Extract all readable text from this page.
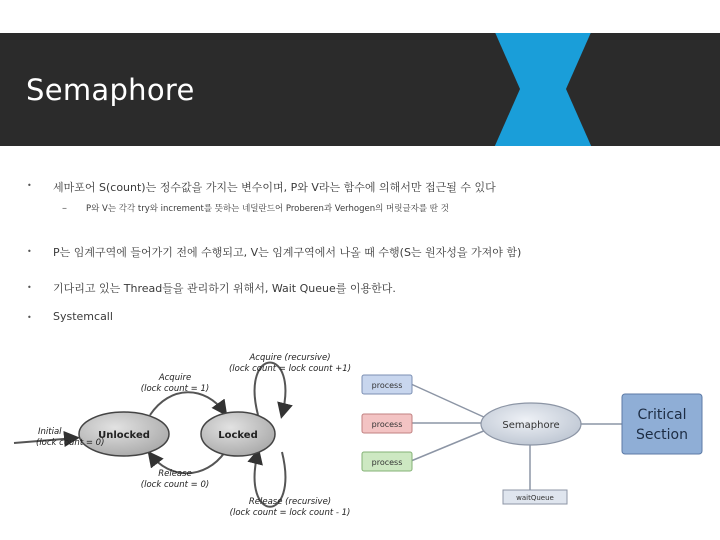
Semaphore
• 세마포어 S(count)는 정수값을 가지는 변수이며, P와 V라는 함수에 의해서만 접근될 수 있다
– P와 V는 각각 try와 increment를 뜻하는 네덜란드어 Proberen과 Verhogen의 머릿글자를 딴 것
• P는 임계구역에 들어가기 전에 수행되고, V는 임계구역에서 나올 때 수행(S는 원자성을 가져야 함)
• 기다리고 있는 Thread들을 관리하기 위해서, Wait Queue를 이용한다.
• Systemcall
Unlocked	Locked
Acquire (recursive)
(lock count = lock count +1)
Acquire
(lock count = 1)
Initial
(lock count = 0)
Release
(lock count = 0)
Release (recursive)
(lock count = lock count - 1)
process
process
process
Semaphore
waitQueue
Critical
Section
